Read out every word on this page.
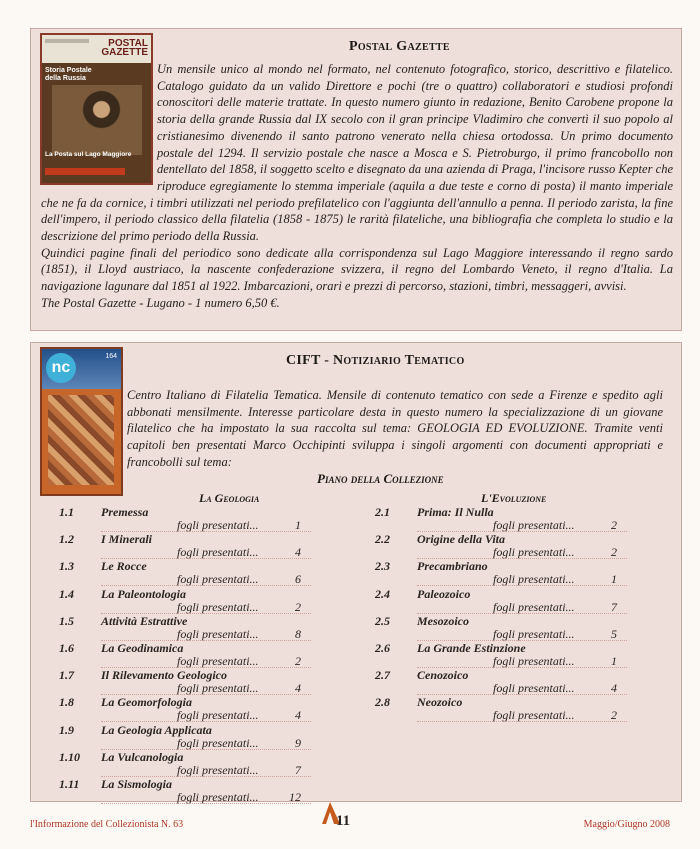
POSTAL
GAZETTE
Storia Postale
della Russia
La Posta sul Lago Maggiore
Postal Gazette

Un mensile unico al mondo nel formato, nel contenuto fotografico, storico, descrittivo e filatelico. Catalogo guidato da un valido Direttore e pochi (tre o quattro) collaboratori e studiosi profondi conoscitori delle materie trattate. In questo numero giunto in redazione, Benito Carobene propone la storia della grande Russia dal IX secolo con il gran principe Vladimiro che convertì il suo popolo al cristianesimo divenendo il santo patrono venerato nella chiesa ortodossa. Un primo documento postale del 1294. Il servizio postale che nasce a Mosca e S. Pietroburgo, il primo francobollo non dentellato del 1858, il soggetto scelto e disegnato da una azienda di Praga, l'incisore russo Kepter che riproduce egregiamente lo stemma imperiale (aquila a due teste e corno di posta) il manto imperiale che ne fa da cornice, i timbri utilizzati nel periodo prefilatelico con l'aggiunta dell'annullo a penna. Il periodo zarista, la fine dell'impero, il periodo classico della filatelia (1858 - 1875) le rarità filateliche, una bibliografia che completa lo studio e la descrizione del primo periodo della Russia.

Quindici pagine finali del periodico sono dedicate alla corrispondenza sul Lago Maggiore interessando il regno sardo (1851), il Lloyd austriaco, la nascente confederazione svizzera, il regno del Lombardo Veneto, il regno d'Italia. La navigazione lagunare dal 1851 al 1922. Imbarcazioni, orari e prezzi di percorso, stazioni, timbri, messaggeri, avvisi.

The Postal Gazette - Lugano - 1 numero 6,50 €.

nc
164	CIFT - Notiziario Tematico

Centro Italiano di Filatelia Tematica. Mensile di contenuto tematico con sede a Firenze e spedito agli abbonati mensilmente. Interesse particolare desta in questo numero la specializzazione di un giovane filatelico che ha impostato la sua raccolta sul tema: GEOLOGIA ED EVOLUZIONE. Tramite venti capitoli ben presentati Marco Occhipinti sviluppa i singoli argomenti con documenti appropriati e francobolli sul tema:

Piano della Collezione
La Geologia	L'Evoluzione
1.1 Premessa
fogli presentati...	1
1.2 I Minerali
fogli presentati...	4
1.3 Le Rocce
fogli presentati...	6
1.4 La Paleontologia
fogli presentati...	2
1.5 Attività Estrattive
fogli presentati...	8
1.6 La Geodinamica
fogli presentati...	2
1.7 Il Rilevamento Geologico
fogli presentati...	4
1.8 La Geomorfologia
fogli presentati...	4
1.9 La Geologia Applicata
fogli presentati...	9
1.10 La Vulcanologia
fogli presentati...	7
1.11 La Sismologia
fogli presentati...	12
2.1 Prima: Il Nulla
fogli presentati...	2
2.2 Origine della Vita
fogli presentati...	2
2.3 Precambriano
fogli presentati...	1
2.4 Paleozoico
fogli presentati...	7
2.5 Mesozoico
fogli presentati...	5
2.6 La Grande Estinzione
fogli presentati...	1
2.7 Cenozoico
fogli presentati...	4
2.8 Neozoico
fogli presentati...	2
l'Informazione del Collezionista N. 63	11	Maggio/Giugno 2008
